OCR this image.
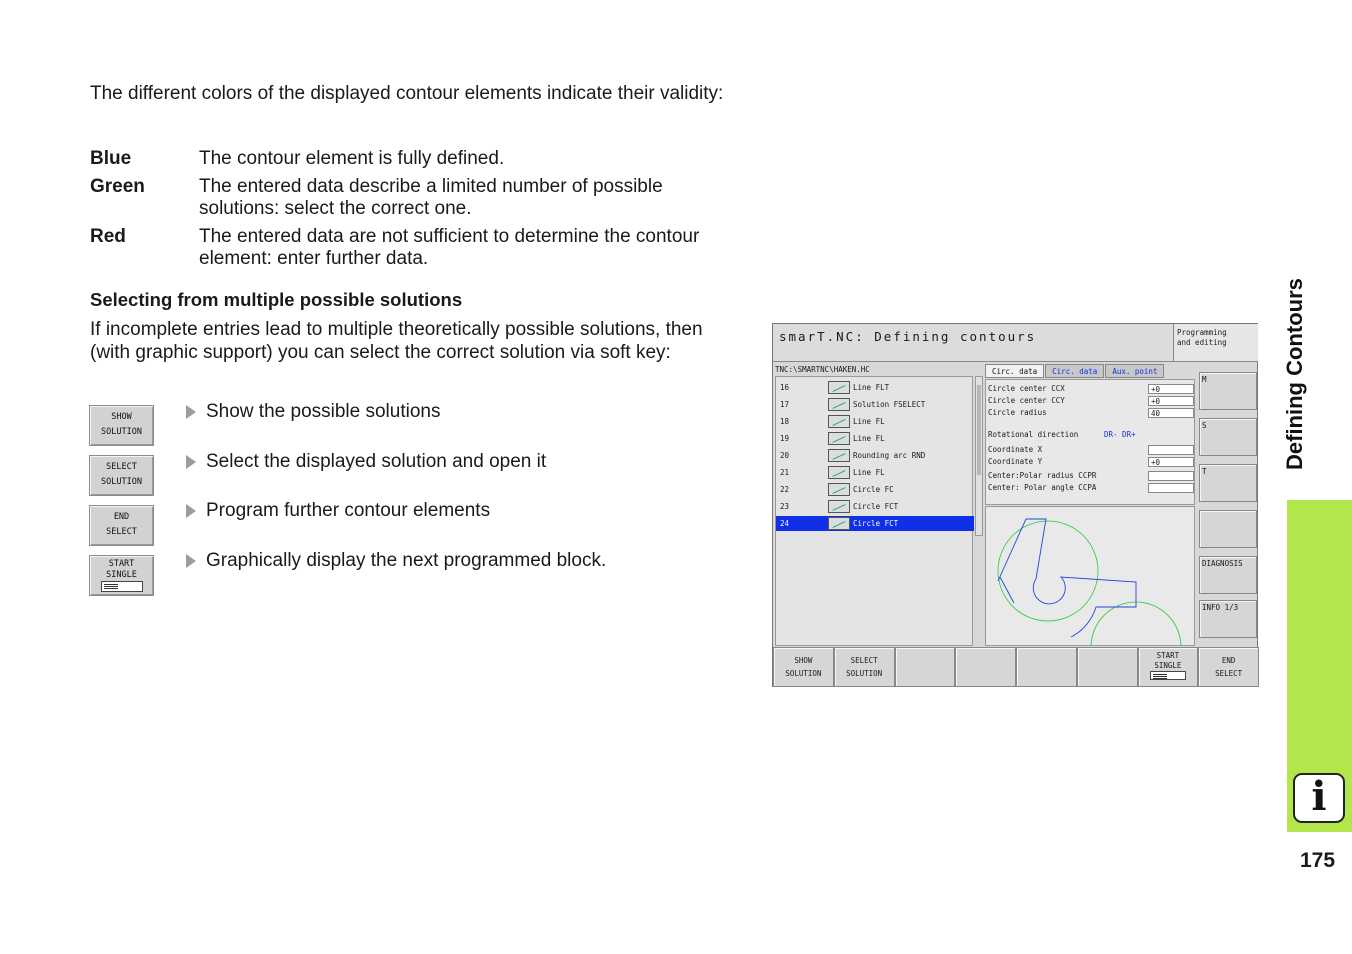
The different colors of the displayed contour elements indicate their validity:
Blue	The contour element is fully defined.
Green	The entered data describe a limited number of possible solutions: select the correct one.
Red	The entered data are not sufficient to determine the contour element: enter further data.
Selecting from multiple possible solutions
If incomplete entries lead to multiple theoretically possible solutions, then (with graphic support) you can select the correct solution via soft key:
SHOW
SOLUTION
Show the possible solutions
SELECT
SOLUTION
Select the displayed solution and open it
END
SELECT
Program further contour elements
START
SINGLE
Graphically display the next programmed block.
smarT.NC: Defining contours	Programming
and editing
TNC:\SMARTNC\HAKEN.HC
16	Line FLT
17	Solution FSELECT
18	Line FL
19	Line FL
20	Rounding arc RND
21	Line FL
22	Circle FC
23	Circle FCT
24	Circle FCT
Circ. data	Circ. data	Aux. point
Circle center CCX	+0
Circle center CCY	+0
Circle radius	40
Rotational direction	DR- DR+
Coordinate X
Coordinate Y	+0
Center:Polar radius CCPR
Center: Polar angle CCPA
M
S
T
DIAGNOSIS
INFO 1/3
SHOW
SOLUTION
SELECT
SOLUTION
START
SINGLE
END
SELECT
Defining Contours
i
175
